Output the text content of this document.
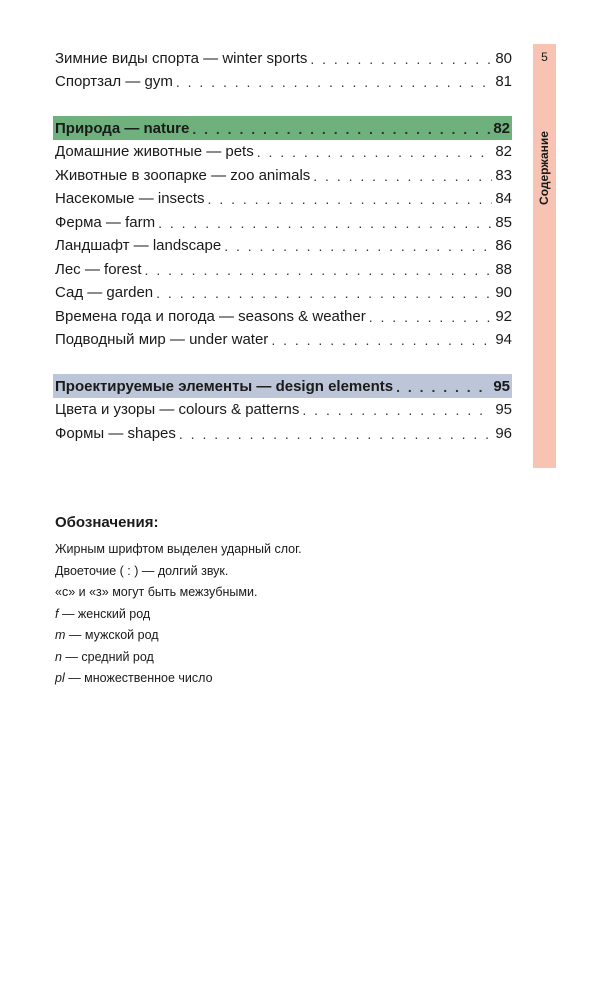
Зимние виды спорта — winter sports . . .	80
Спортзал — gym . . .	81
Природа — nature . . .	82
Домашние животные — pets . . .	82
Животные в зоопарке — zoo animals . . .	83
Насекомые — insects . . .	84
Ферма — farm . . .	85
Ландшафт — landscape . . .	86
Лес — forest . . .	88
Сад — garden . . .	90
Времена года и погода — seasons & weather . . .	92
Подводный мир — under water . . .	94
Проектируемые элементы — design elements . . .	95
Цвета и узоры — colours & patterns . . .	95
Формы — shapes . . .	96
5
Содержание
Обозначения:
Жирным шрифтом выделен ударный слог.
Двоеточие ( : ) — долгий звук.
«с» и «з» могут быть межзубными.
f — женский род
m — мужской род
n — средний род
pl — множественное число
